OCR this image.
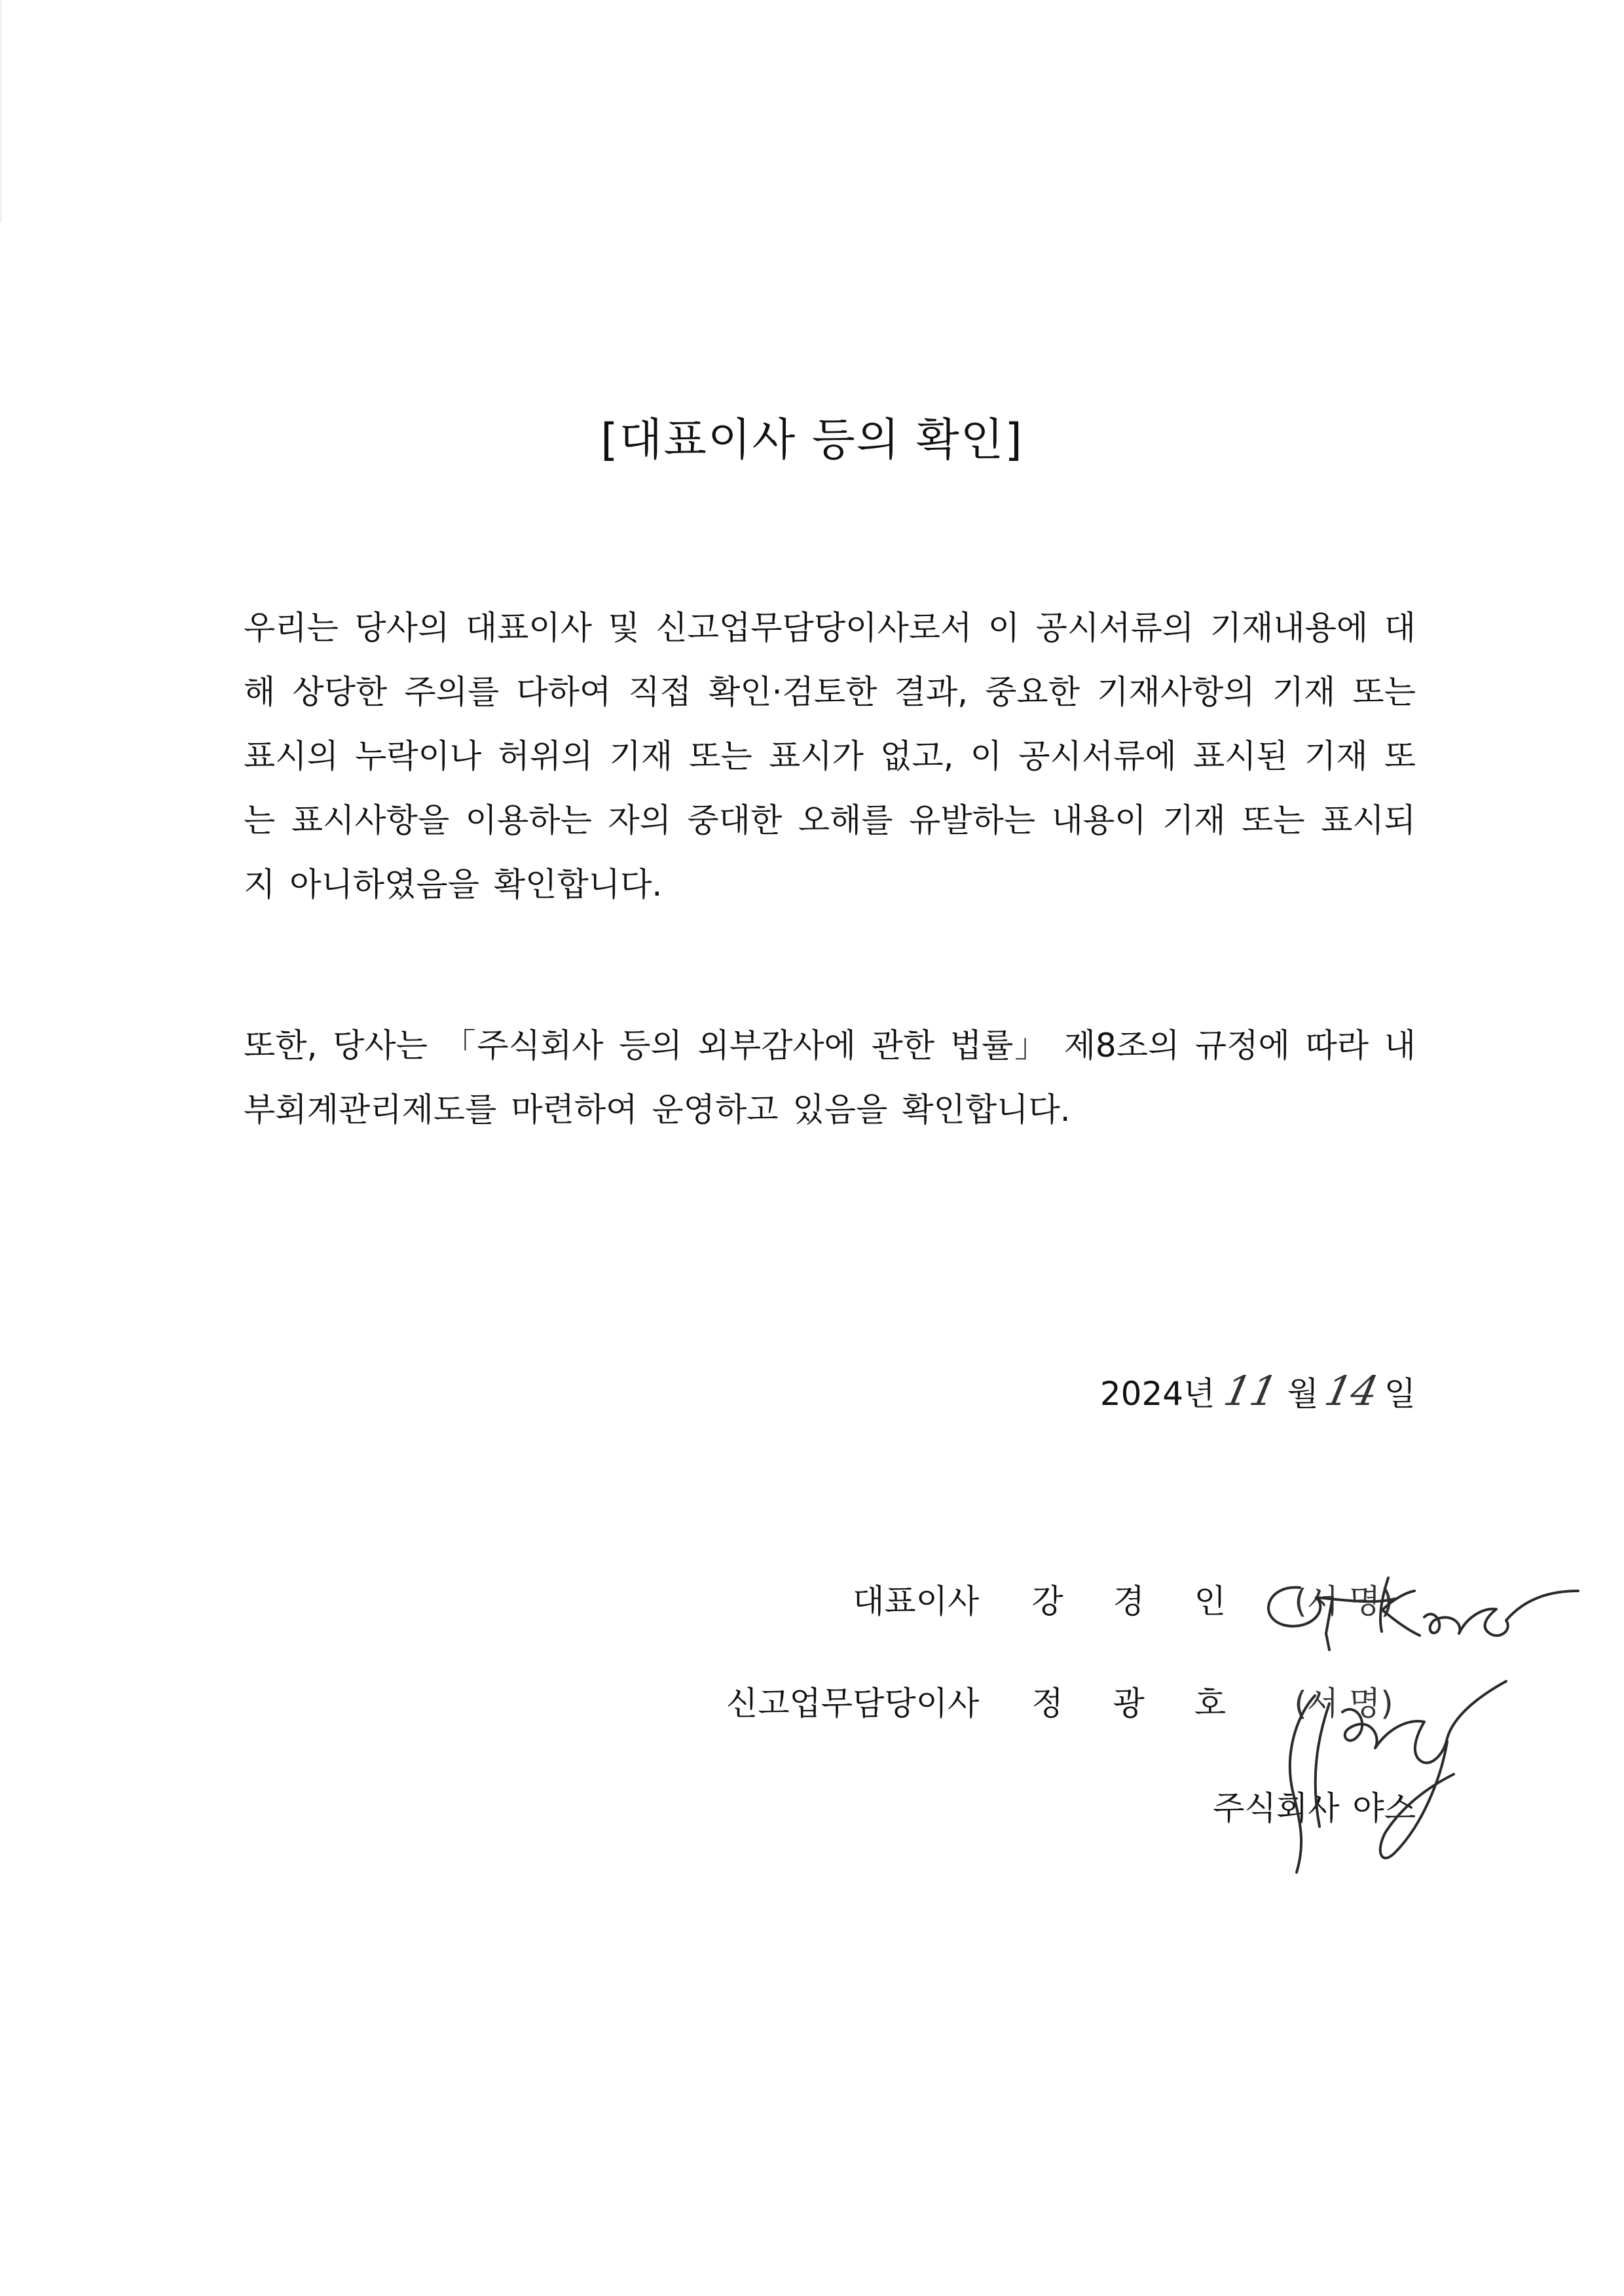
[대표이사 등의 확인]
우리는 당사의 대표이사 및 신고업무담당이사로서 이 공시서류의 기재내용에 대해 상당한 주의를 다하여 직접 확인·검토한 결과, 중요한 기재사항의 기재 또는 표시의 누락이나 허위의 기재 또는 표시가 없고, 이 공시서류에 표시된 기재 또는 표시사항을 이용하는 자의 중대한 오해를 유발하는 내용이 기재 또는 표시되지 아니하였음을 확인합니다.
또한, 당사는 「주식회사 등의 외부감사에 관한 법률」 제8조의 규정에 따라 내부회계관리제도를 마련하여 운영하고 있음을 확인합니다.
2024년 11 월 14 일
주식회사 야스
대표이사 강 경 인	(서 명)
신고업무담당이사 정 광 호	(서 명)
